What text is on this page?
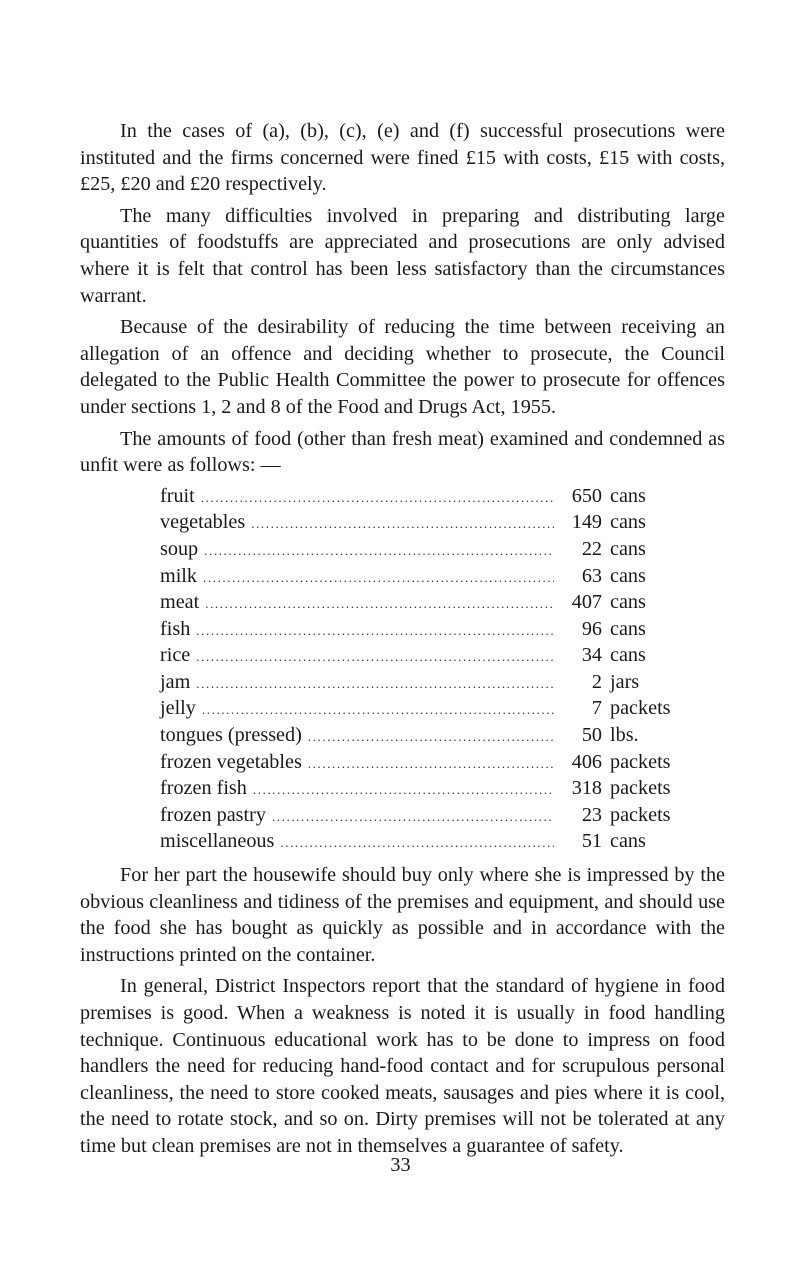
In the cases of (a), (b), (c), (e) and (f) successful prosecutions were instituted and the firms concerned were fined £15 with costs, £15 with costs, £25, £20 and £20 respectively.

The many difficulties involved in preparing and distributing large quantities of foodstuffs are appreciated and prosecutions are only advised where it is felt that control has been less satisfactory than the circumstances warrant.

Because of the desirability of reducing the time between receiving an allegation of an offence and deciding whether to prosecute, the Council delegated to the Public Health Committee the power to prosecute for offences under sections 1, 2 and 8 of the Food and Drugs Act, 1955.

The amounts of food (other than fresh meat) examined and condemned as unfit were as follows: —

fruit .....	650 cans
vegetables .....	149 cans
soup .....	22 cans
milk .....	63 cans
meat .....	407 cans
fish .....	96 cans
rice .....	34 cans
jam .....	2 jars
jelly .....	7 packets
tongues (pressed) .....	50 lbs.
frozen vegetables .....	406 packets
frozen fish .....	318 packets
frozen pastry .....	23 packets
miscellaneous .....	51 cans

For her part the housewife should buy only where she is impressed by the obvious cleanliness and tidiness of the premises and equipment, and should use the food she has bought as quickly as possible and in accordance with the instructions printed on the container.

In general, District Inspectors report that the standard of hygiene in food premises is good. When a weakness is noted it is usually in food handling technique. Continuous educational work has to be done to impress on food handlers the need for reducing hand-food contact and for scrupulous personal cleanliness, the need to store cooked meats, sausages and pies where it is cool, the need to rotate stock, and so on. Dirty premises will not be tolerated at any time but clean premises are not in themselves a guarantee of safety.

33
